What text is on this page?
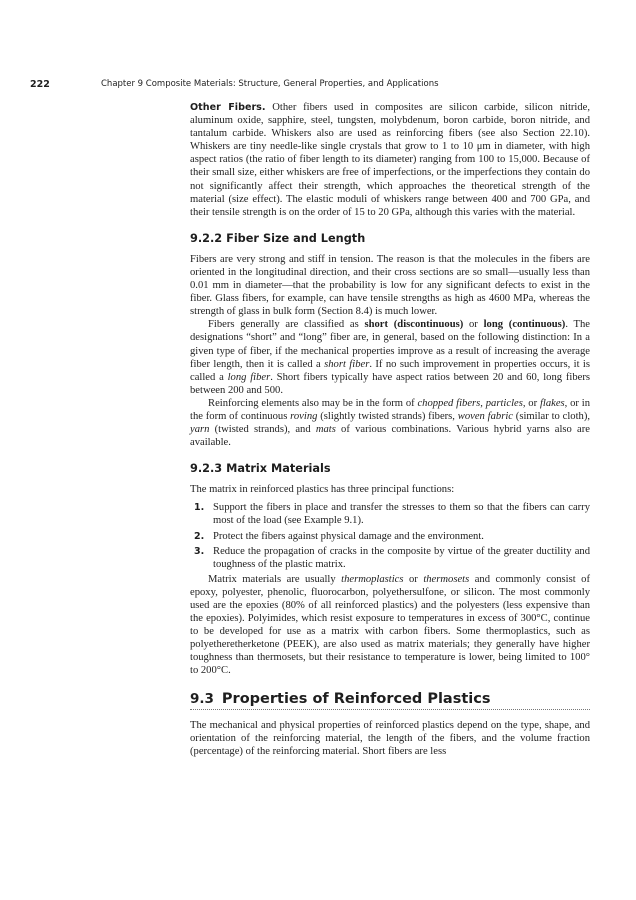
222	Chapter 9 Composite Materials: Structure, General Properties, and Applications

Other Fibers. Other fibers used in composites are silicon carbide, silicon nitride, aluminum oxide, sapphire, steel, tungsten, molybdenum, boron carbide, boron nitride, and tantalum carbide. Whiskers also are used as reinforcing fibers (see also Section 22.10). Whiskers are tiny needle-like single crystals that grow to 1 to 10 μm in diameter, with high aspect ratios (the ratio of fiber length to its diameter) ranging from 100 to 15,000. Because of their small size, either whiskers are free of imperfections, or the imperfections they contain do not significantly affect their strength, which approaches the theoretical strength of the material (size effect). The elastic moduli of whiskers range between 400 and 700 GPa, and their tensile strength is on the order of 15 to 20 GPa, although this varies with the material.

9.2.2 Fiber Size and Length

Fibers are very strong and stiff in tension. The reason is that the molecules in the fibers are oriented in the longitudinal direction, and their cross sections are so small—usually less than 0.01 mm in diameter—that the probability is low for any significant defects to exist in the fiber. Glass fibers, for example, can have tensile strengths as high as 4600 MPa, whereas the strength of glass in bulk form (Section 8.4) is much lower.

Fibers generally are classified as short (discontinuous) or long (continuous). The designations “short” and “long” fiber are, in general, based on the following distinction: In a given type of fiber, if the mechanical properties improve as a result of increasing the average fiber length, then it is called a short fiber. If no such improvement in properties occurs, it is called a long fiber. Short fibers typically have aspect ratios between 20 and 60, long fibers between 200 and 500.

Reinforcing elements also may be in the form of chopped fibers, particles, or flakes, or in the form of continuous roving (slightly twisted strands) fibers, woven fabric (similar to cloth), yarn (twisted strands), and mats of various combinations. Various hybrid yarns also are available.

9.2.3 Matrix Materials

The matrix in reinforced plastics has three principal functions:

1. Support the fibers in place and transfer the stresses to them so that the fibers can carry most of the load (see Example 9.1).
2. Protect the fibers against physical damage and the environment.
3. Reduce the propagation of cracks in the composite by virtue of the greater ductility and toughness of the plastic matrix.

Matrix materials are usually thermoplastics or thermosets and commonly consist of epoxy, polyester, phenolic, fluorocarbon, polyethersulfone, or silicon. The most commonly used are the epoxies (80% of all reinforced plastics) and the polyesters (less expensive than the epoxies). Polyimides, which resist exposure to temperatures in excess of 300°C, continue to be developed for use as a matrix with carbon fibers. Some thermoplastics, such as polyetheretherketone (PEEK), are also used as matrix materials; they generally have higher toughness than thermosets, but their resistance to temperature is lower, being limited to 100° to 200°C.

9.3 Properties of Reinforced Plastics

The mechanical and physical properties of reinforced plastics depend on the type, shape, and orientation of the reinforcing material, the length of the fibers, and the volume fraction (percentage) of the reinforcing material. Short fibers are less
